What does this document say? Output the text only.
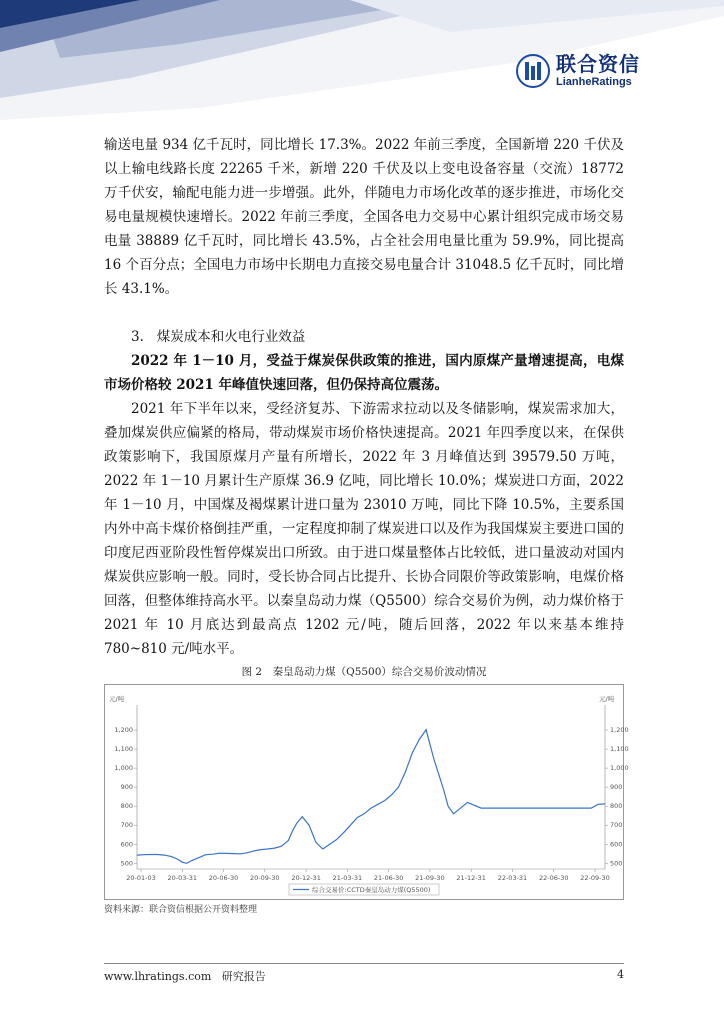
联合资信
LianheRatings

输送电量 934 亿千瓦时，同比增长 17.3%。2022 年前三季度，全国新增 220 千伏及以上输电线路长度 22265 千米，新增 220 千伏及以上变电设备容量（交流）18772 万千伏安，输配电能力进一步增强。此外，伴随电力市场化改革的逐步推进，市场化交易电量规模快速增长。2022 年前三季度，全国各电力交易中心累计组织完成市场交易电量 38889 亿千瓦时，同比增长 43.5%，占全社会用电量比重为 59.9%，同比提高 16 个百分点；全国电力市场中长期电力直接交易电量合计 31048.5 亿千瓦时，同比增长 43.1%。

3.   煤炭成本和火电行业效益

2022 年 1－10 月，受益于煤炭保供政策的推进，国内原煤产量增速提高，电煤市场价格较 2021 年峰值快速回落，但仍保持高位震荡。

2021 年下半年以来，受经济复苏、下游需求拉动以及冬储影响，煤炭需求加大，叠加煤炭供应偏紧的格局，带动煤炭市场价格快速提高。2021 年四季度以来，在保供政策影响下，我国原煤月产量有所增长，2022 年 3 月峰值达到 39579.50 万吨，2022 年 1－10 月累计生产原煤 36.9 亿吨，同比增长 10.0%；煤炭进口方面，2022 年 1－10 月，中国煤及褐煤累计进口量为 23010 万吨，同比下降 10.5%，主要系国内外中高卡煤价格倒挂严重，一定程度抑制了煤炭进口以及作为我国煤炭主要进口国的印度尼西亚阶段性暂停煤炭出口所致。由于进口煤量整体占比较低，进口量波动对国内煤炭供应影响一般。同时，受长协合同占比提升、长协合同限价等政策影响，电煤价格回落，但整体维持高水平。以秦皇岛动力煤（Q5500）综合交易价为例，动力煤价格于 2021 年 10 月底达到最高点 1202 元/吨，随后回落，2022 年以来基本维持 780~810 元/吨水平。

图 2　秦皇岛动力煤（Q5500）综合交易价波动情况
元/吨	元/吨
500	500
600	600
700	700
800	800
900	900
1,000	1,000
1,100	1,100
1,200	1,200
20-01-03 20-03-31 20-06-30 20-09-30 20-12-31 21-03-31 21-06-30 21-09-30 21-12-31 22-03-31 22-06-30 22-09-30
综合交易价:CCTD秦皇岛动力煤(Q5500)
资料来源：联合资信根据公开资料整理
www.lhratings.com   研究报告	4
